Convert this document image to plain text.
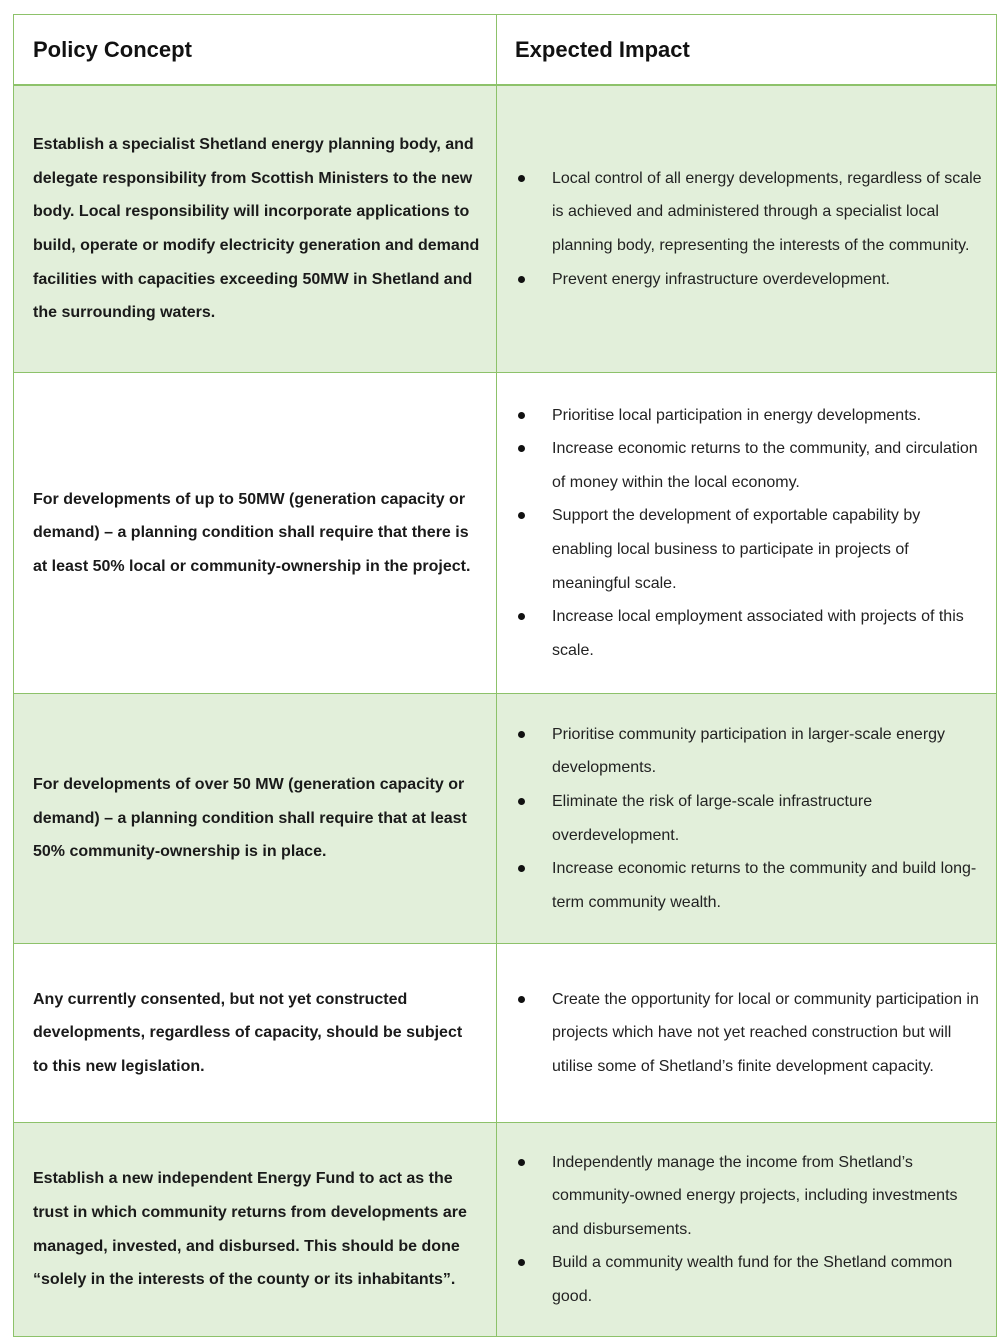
Policy Concept	Expected Impact
Establish a specialist Shetland energy planning body, and delegate responsibility from Scottish Ministers to the new body. Local responsibility will incorporate applications to build, operate or modify electricity generation and demand facilities with capacities exceeding 50MW in Shetland and the surrounding waters.
Local control of all energy developments, regardless of scale is achieved and administered through a specialist local planning body, representing the interests of the community.
Prevent energy infrastructure overdevelopment.
For developments of up to 50MW (generation capacity or demand) – a planning condition shall require that there is at least 50% local or community-ownership in the project.
Prioritise local participation in energy developments.
Increase economic returns to the community, and circulation of money within the local economy.
Support the development of exportable capability by enabling local business to participate in projects of meaningful scale.
Increase local employment associated with projects of this scale.
For developments of over 50 MW (generation capacity or demand) – a planning condition shall require that at least 50% community-ownership is in place.
Prioritise community participation in larger-scale energy developments.
Eliminate the risk of large-scale infrastructure overdevelopment.
Increase economic returns to the community and build long-term community wealth.
Any currently consented, but not yet constructed developments, regardless of capacity, should be subject to this new legislation.
Create the opportunity for local or community participation in projects which have not yet reached construction but will utilise some of Shetland’s finite development capacity.
Establish a new independent Energy Fund to act as the trust in which community returns from developments are managed, invested, and disbursed. This should be done “solely in the interests of the county or its inhabitants”.
Independently manage the income from Shetland’s community-owned energy projects, including investments and disbursements.
Build a community wealth fund for the Shetland common good.
